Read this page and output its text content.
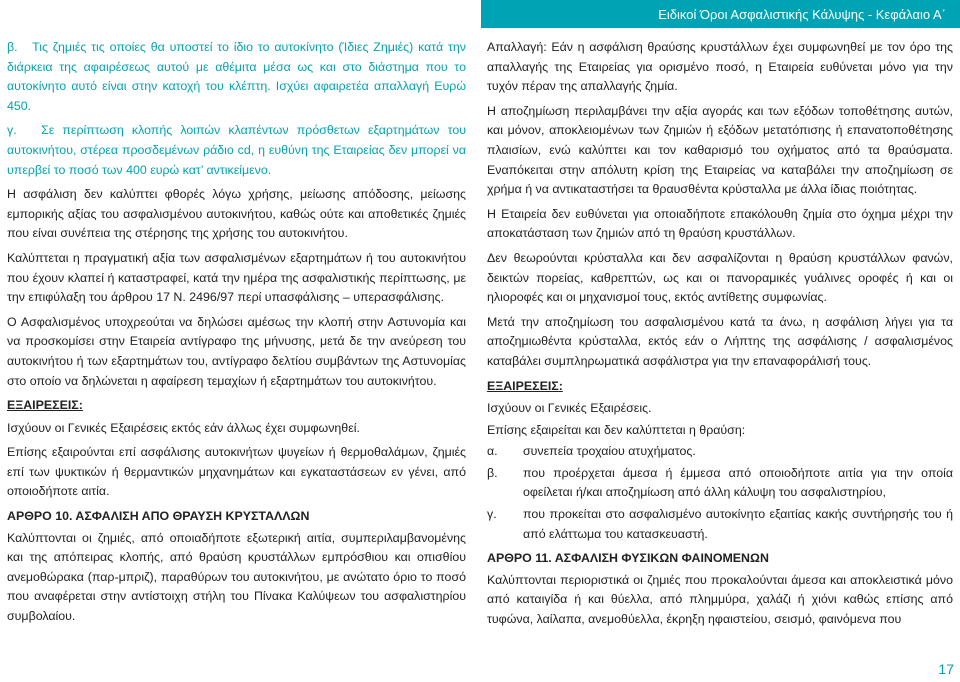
Ειδικοί Όροι Ασφαλιστικής Κάλυψης - Κεφάλαιο Α΄

β. Τις ζημιές τις οποίες θα υποστεί το ίδιο το αυτοκίνητο (Ίδιες Ζημιές) κατά την διάρκεια της αφαιρέσεως αυτού με αθέμιτα μέσα ως και στο διάστημα που το αυτοκίνητο αυτό είναι στην κατοχή του κλέπτη. Ισχύει αφαιρετέα απαλλαγή Ευρώ 450.

γ. Σε περίπτωση κλοπής λοιπών κλαπέντων πρόσθετων εξαρτημάτων του αυτοκινήτου, στέρεα προσδεμένων ράδιο cd, η ευθύνη της Εταιρείας δεν μπορεί να υπερβεί το ποσό των 400 ευρώ κατ’ αντικείμενο.

Η ασφάλιση δεν καλύπτει φθορές λόγω χρήσης, μείωσης απόδοσης, μείωσης εμπορικής αξίας του ασφαλισμένου αυτοκινήτου, καθώς ούτε και αποθετικές ζημιές που είναι συνέπεια της στέρησης της χρήσης του αυτοκινήτου.

Καλύπτεται η πραγματική αξία των ασφαλισμένων εξαρτημάτων ή του αυτοκινήτου που έχουν κλαπεί ή καταστραφεί, κατά την ημέρα της ασφαλιστικής περίπτωσης, με την επιφύλαξη του άρθρου 17 Ν. 2496/97 περί υπασφάλισης – υπερασφάλισης.

Ο Ασφαλισμένος υποχρεούται να δηλώσει αμέσως την κλοπή στην Αστυνομία και να προσκομίσει στην Εταιρεία αντίγραφο της μήνυσης, μετά δε την ανεύρεση του αυτοκινήτου ή των εξαρτημάτων του, αντίγραφο δελτίου συμβάντων της Αστυνομίας στο οποίο να δηλώνεται η αφαίρεση τεμαχίων ή εξαρτημάτων του αυτοκινήτου.

ΕΞΑΙΡΕΣΕΙΣ:

Ισχύουν οι Γενικές Εξαιρέσεις εκτός εάν άλλως έχει συμφωνηθεί.

Επίσης εξαιρούνται επί ασφάλισης αυτοκινήτων ψυγείων ή θερμοθαλάμων, ζημιές επί των ψυκτικών ή θερμαντικών μηχανημάτων και εγκαταστάσεων εν γένει, από οποιοδήποτε αιτία.

ΑΡΘΡΟ 10. ΑΣΦΑΛΙΣΗ ΑΠΟ ΘΡΑΥΣΗ ΚΡΥΣΤΑΛΛΩΝ

Καλύπτονται οι ζημιές, από οποιαδήποτε εξωτερική αιτία, συμπεριλαμβανομένης και της απόπειρας κλοπής, από θραύση κρυστάλλων εμπρόσθιου και οπισθίου ανεμοθώρακα (παρ-μπριζ), παραθύρων του αυτοκινήτου, με ανώτατο όριο το ποσό που αναφέρεται στην αντίστοιχη στήλη του Πίνακα Καλύψεων του ασφαλιστηρίου συμβολαίου.

Απαλλαγή: Εάν η ασφάλιση θραύσης κρυστάλλων έχει συμφωνηθεί με τον όρο της απαλλαγής της Εταιρείας για ορισμένο ποσό, η Εταιρεία ευθύνεται μόνο για την τυχόν πέραν της απαλλαγής ζημία.

Η αποζημίωση περιλαμβάνει την αξία αγοράς και των εξόδων τοποθέτησης αυτών, και μόνον, αποκλειομένων των ζημιών ή εξόδων μετατόπισης ή επανατοποθέτησης πλαισίων, ενώ καλύπτει και τον καθαρισμό του οχήματος από τα θραύσματα. Εναπόκειται στην απόλυτη κρίση της Εταιρείας να καταβάλει την αποζημίωση σε χρήμα ή να αντικαταστήσει τα θραυσθέντα κρύσταλλα με άλλα ίδιας ποιότητας.

Η Εταιρεία δεν ευθύνεται για οποιαδήποτε επακόλουθη ζημία στο όχημα μέχρι την αποκατάσταση των ζημιών από τη θραύση κρυστάλλων.

Δεν θεωρούνται κρύσταλλα και δεν ασφαλίζονται η θραύση κρυστάλλων φανών, δεικτών πορείας, καθρεπτών, ως και οι πανοραμικές γυάλινες οροφές ή και οι ηλιοροφές και οι μηχανισμοί τους, εκτός αντίθετης συμφωνίας.

Μετά την αποζημίωση του ασφαλισμένου κατά τα άνω, η ασφάλιση λήγει για τα αποζημιωθέντα κρύσταλλα, εκτός εάν ο Λήπτης της ασφάλισης / ασφαλισμένος καταβάλει συμπληρωματικά ασφάλιστρα για την επαναφοράλισή τους.

ΕΞΑΙΡΕΣΕΙΣ:

Ισχύουν οι Γενικές Εξαιρέσεις.

Επίσης εξαιρείται και δεν καλύπτεται η θραύση:

α.	συνεπεία τροχαίου ατυχήματος.
β.	που προέρχεται άμεσα ή έμμεσα από οποιοδήποτε αιτία για την οποία οφείλεται ή/και αποζημίωση από άλλη κάλυψη του ασφαλιστηρίου,
γ.	που προκείται στο ασφαλισμένο αυτοκίνητο εξαιτίας κακής συντήρησής του ή από ελάττωμα του κατασκευαστή.

ΑΡΘΡΟ 11. ΑΣΦΑΛΙΣΗ ΦΥΣΙΚΩΝ ΦΑΙΝΟΜΕΝΩΝ

Καλύπτονται περιοριστικά οι ζημιές που προκαλούνται άμεσα και αποκλειστικά μόνο από καταιγίδα ή και θύελλα, από πλημμύρα, χαλάζι ή χιόνι καθώς επίσης από τυφώνα, λαίλαπα, ανεμοθύελλα, έκρηξη ηφαιστείου, σεισμό, φαινόμενα που

17
